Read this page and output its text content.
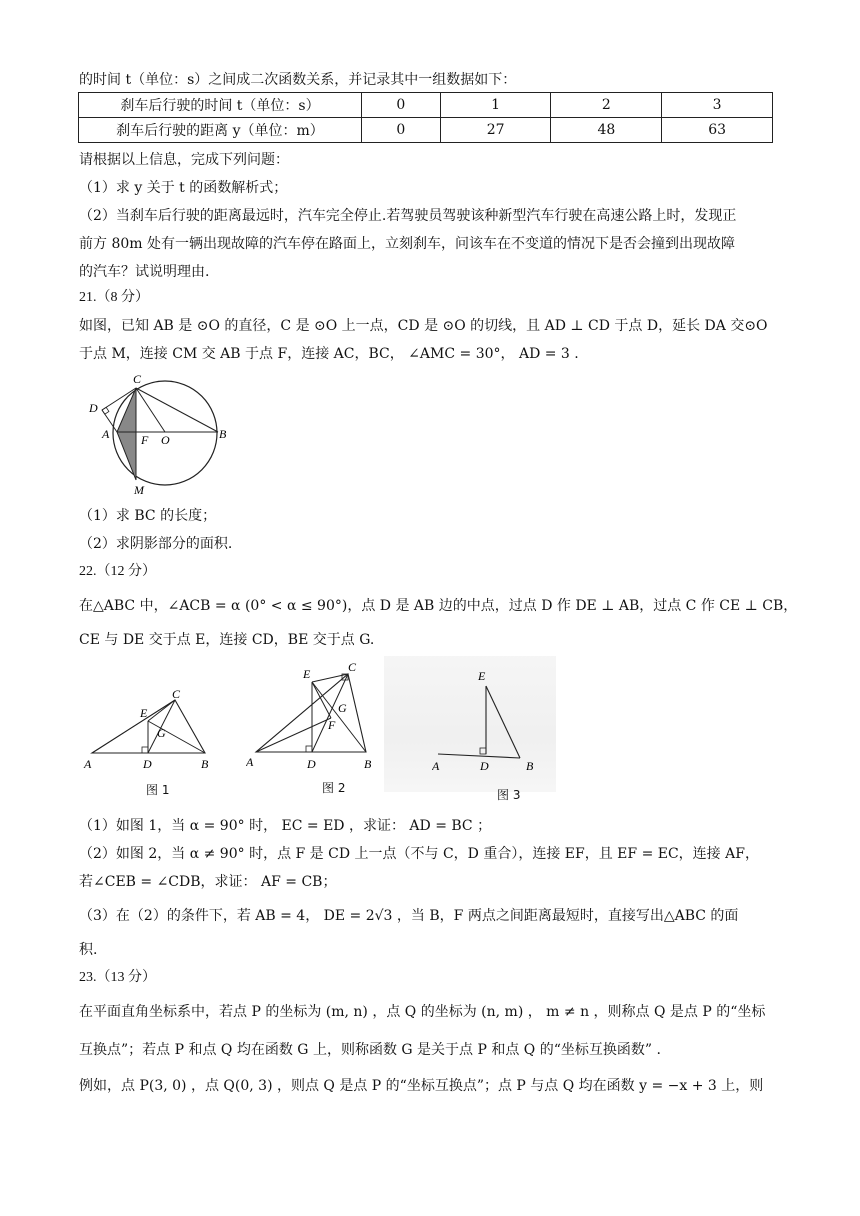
的时间 t（单位：s）之间成二次函数关系，并记录其中一组数据如下：
刹车后行驶的时间 t（单位：s）	0	1	2	3
刹车后行驶的距离 y（单位：m）	0	27	48	63
请根据以上信息，完成下列问题：
（1）求 y 关于 t 的函数解析式；
（2）当刹车后行驶的距离最远时，汽车完全停止.若驾驶员驾驶该种新型汽车行驶在高速公路上时，发现正
前方 80m 处有一辆出现故障的汽车停在路面上，立刻刹车，问该车在不变道的情况下是否会撞到出现故障
的汽车？试说明理由.
21.（8 分）
如图，已知 AB 是 ⊙O 的直径，C 是 ⊙O 上一点，CD 是 ⊙O 的切线，且 AD ⊥ CD 于点 D，延长 DA 交⊙O
于点 M，连接 CM 交 AB 于点 F，连接 AC，BC， ∠AMC = 30°， AD = 3 .
C
D
A	F O	B
M
（1）求 BC 的长度；
（2）求阴影部分的面积.
22.（12 分）
在△ABC 中，∠ACB = α (0° < α ≤ 90°)，点 D 是 AB 边的中点，过点 D 作 DE ⊥ AB，过点 C 作 CE ⊥ CB，
CE 与 DE 交于点 E，连接 CD，BE 交于点 G.
C
E
G
A	D	B
图 1
E	C
G
F
A	D	B
图 2
E
A	D	B
图 3
（1）如图 1，当 α = 90° 时， EC = ED ，求证： AD = BC ；
（2）如图 2，当 α ≠ 90° 时，点 F 是 CD 上一点（不与 C，D 重合），连接 EF，且 EF = EC，连接 AF，
若∠CEB = ∠CDB，求证： AF = CB；
（3）在（2）的条件下，若 AB = 4， DE = 2√3 ，当 B，F 两点之间距离最短时，直接写出△ABC 的面
积.
23.（13 分）
在平面直角坐标系中，若点 P 的坐标为 (m, n) ，点 Q 的坐标为 (n, m) ， m ≠ n ，则称点 Q 是点 P 的“坐标
互换点”；若点 P 和点 Q 均在函数 G 上，则称函数 G 是关于点 P 和点 Q 的“坐标互换函数” .
例如，点 P(3, 0) ，点 Q(0, 3) ，则点 Q 是点 P 的“坐标互换点”；点 P 与点 Q 均在函数 y = −x + 3 上，则
